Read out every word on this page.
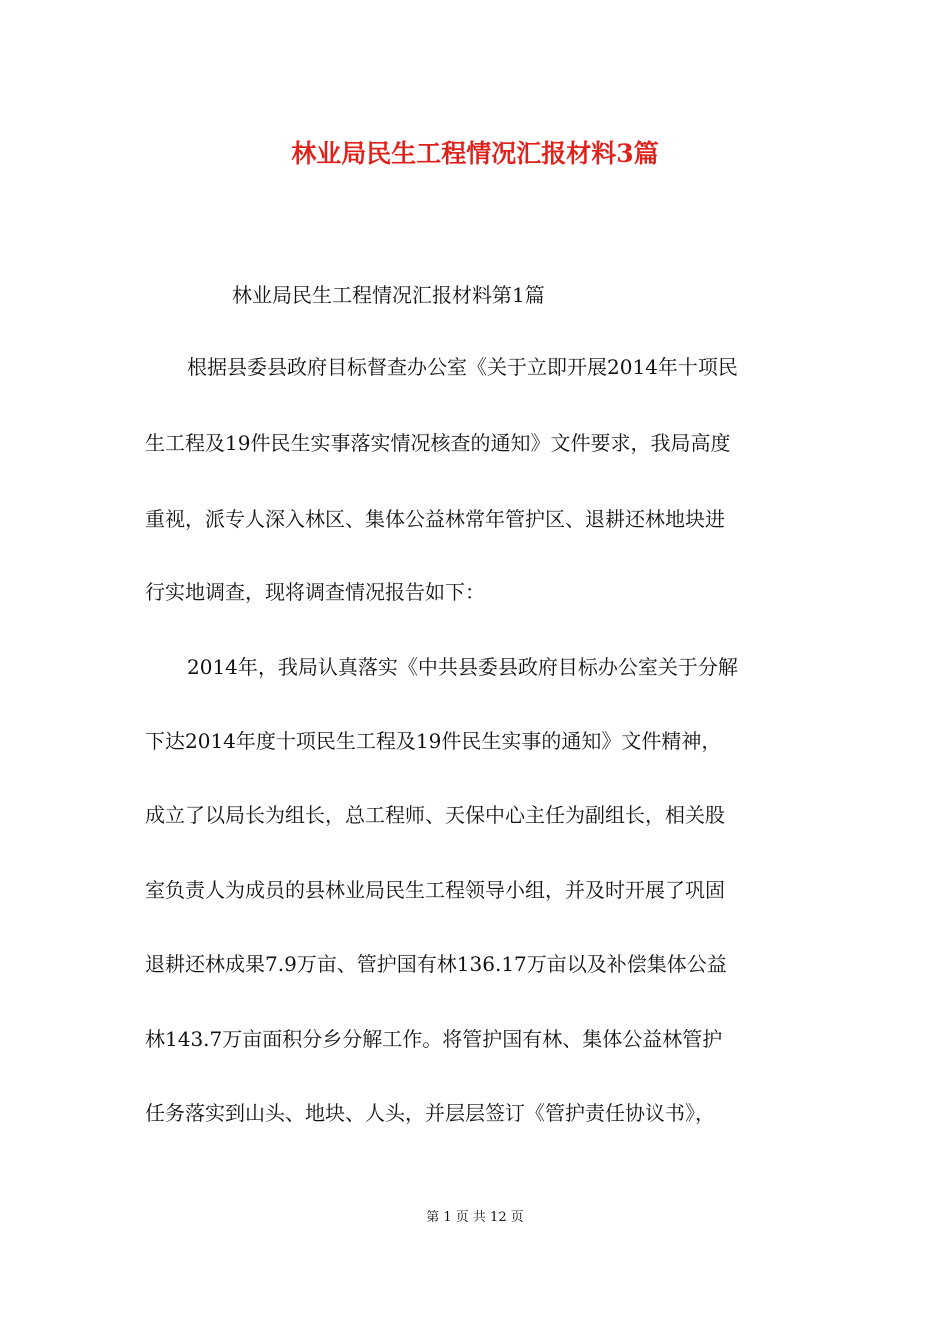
林业局民生工程情况汇报材料3篇
林业局民生工程情况汇报材料第1篇
根据县委县政府目标督查办公室《关于立即开展2014年十项民
生工程及19件民生实事落实情况核查的通知》文件要求，我局高度
重视，派专人深入林区、集体公益林常年管护区、退耕还林地块进
行实地调查，现将调查情况报告如下：
2014年，我局认真落实《中共县委县政府目标办公室关于分解
下达2014年度十项民生工程及19件民生实事的通知》文件精神，
成立了以局长为组长，总工程师、天保中心主任为副组长，相关股
室负责人为成员的县林业局民生工程领导小组，并及时开展了巩固
退耕还林成果7.9万亩、管护国有林136.17万亩以及补偿集体公益
林143.7万亩面积分乡分解工作。将管护国有林、集体公益林管护
任务落实到山头、地块、人头，并层层签订《管护责任协议书》，
第 1 页 共 12 页
